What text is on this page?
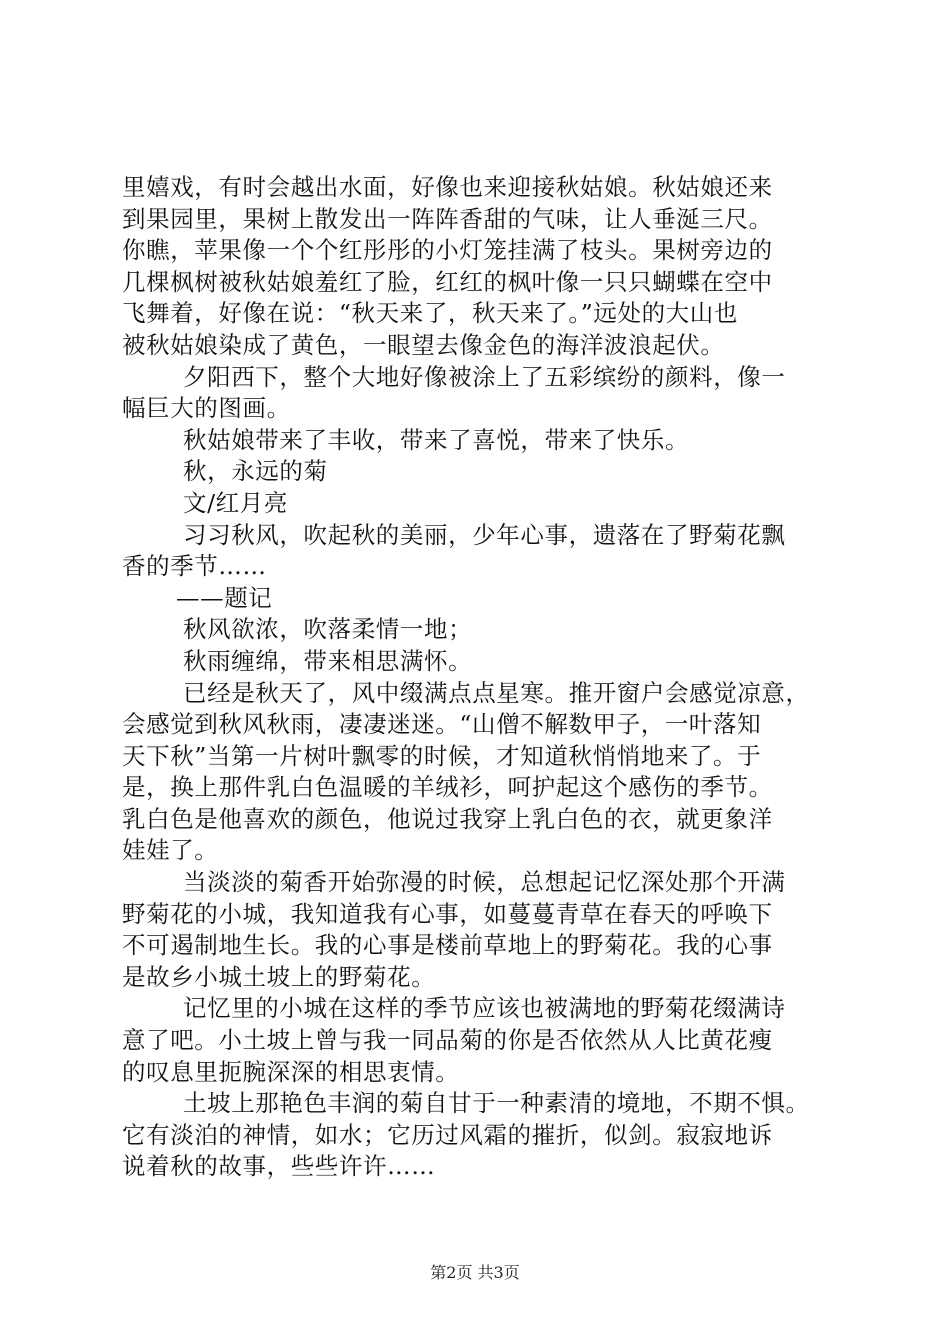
里嬉戏，有时会越出水面，好像也来迎接秋姑娘。秋姑娘还来
到果园里，果树上散发出一阵阵香甜的气味，让人垂涎三尺。
你瞧，苹果像一个个红彤彤的小灯笼挂满了枝头。果树旁边的
几棵枫树被秋姑娘羞红了脸，红红的枫叶像一只只蝴蝶在空中
飞舞着，好像在说：“秋天来了，秋天来了。”远处的大山也
被秋姑娘染成了黄色，一眼望去像金色的海洋波浪起伏。
夕阳西下，整个大地好像被涂上了五彩缤纷的颜料，像一
幅巨大的图画。
秋姑娘带来了丰收，带来了喜悦，带来了快乐。
秋，永远的菊
文/红月亮
习习秋风，吹起秋的美丽，少年心事，遗落在了野菊花飘
香的季节……
——题记
秋风欲浓，吹落柔情一地；
秋雨缠绵，带来相思满怀。
已经是秋天了，风中缀满点点星寒。推开窗户会感觉凉意，
会感觉到秋风秋雨，凄凄迷迷。“山僧不解数甲子，一叶落知
天下秋”当第一片树叶飘零的时候，才知道秋悄悄地来了。于
是，换上那件乳白色温暖的羊绒衫，呵护起这个感伤的季节。
乳白色是他喜欢的颜色，他说过我穿上乳白色的衣，就更象洋
娃娃了。
当淡淡的菊香开始弥漫的时候，总想起记忆深处那个开满
野菊花的小城，我知道我有心事，如蔓蔓青草在春天的呼唤下
不可遏制地生长。我的心事是楼前草地上的野菊花。我的心事
是故乡小城土坡上的野菊花。
记忆里的小城在这样的季节应该也被满地的野菊花缀满诗
意了吧。小土坡上曾与我一同品菊的你是否依然从人比黄花瘦
的叹息里扼腕深深的相思衷情。
土坡上那艳色丰润的菊自甘于一种素清的境地，不期不惧。
它有淡泊的神情，如水；它历过风霜的摧折，似剑。寂寂地诉
说着秋的故事，些些许许……
第2页 共3页
